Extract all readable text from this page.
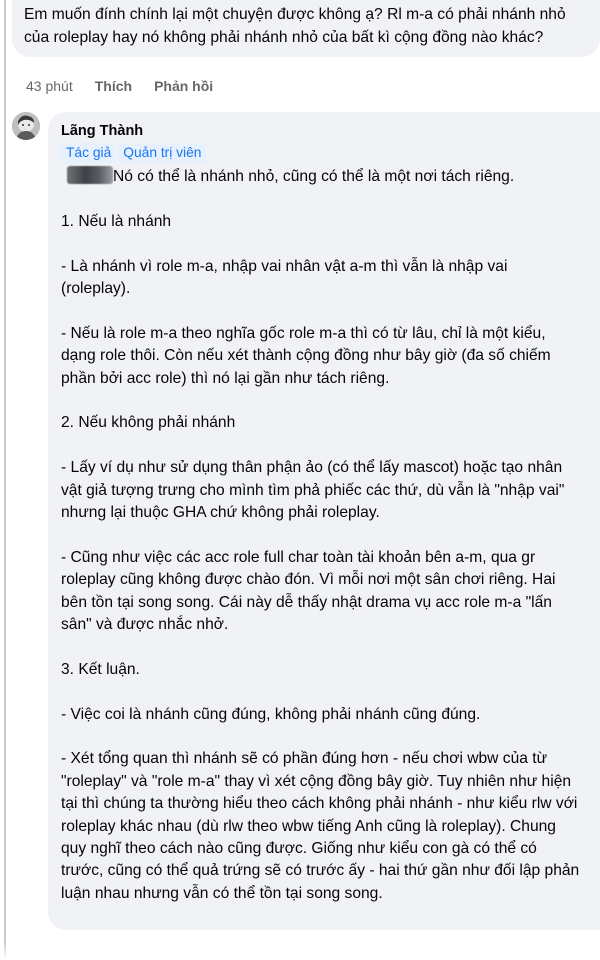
Em muốn đính chính lại một chuyện được không ạ? Rl m-a có phải nhánh nhỏ của roleplay hay nó không phải nhánh nhỏ của bất kì cộng đồng nào khác?
43 phút Thích Phản hồi
Lãng Thành
Tác giả Quản trị viên

Nó có thể là nhánh nhỏ, cũng có thể là một nơi tách riêng.

1. Nếu là nhánh

- Là nhánh vì role m-a, nhập vai nhân vật a-m thì vẫn là nhập vai (roleplay).

- Nếu là role m-a theo nghĩa gốc role m-a thì có từ lâu, chỉ là một kiểu, dạng role thôi. Còn nếu xét thành cộng đồng như bây giờ (đa số chiếm phần bởi acc role) thì nó lại gần như tách riêng.

2. Nếu không phải nhánh

- Lấy ví dụ như sử dụng thân phận ảo (có thể lấy mascot) hoặc tạo nhân vật giả tượng trưng cho mình tìm phả phiếc các thứ, dù vẫn là "nhập vai" nhưng lại thuộc GHA chứ không phải roleplay.

- Cũng như việc các acc role full char toàn tài khoản bên a-m, qua gr roleplay cũng không được chào đón. Vì mỗi nơi một sân chơi riêng. Hai bên tồn tại song song. Cái này dễ thấy nhật drama vụ acc role m-a "lấn sân" và được nhắc nhở.

3. Kết luận.

- Việc coi là nhánh cũng đúng, không phải nhánh cũng đúng.

- Xét tổng quan thì nhánh sẽ có phần đúng hơn - nếu chơi wbw của từ "roleplay" và "role m-a" thay vì xét cộng đồng bây giờ. Tuy nhiên như hiện tại thì chúng ta thường hiểu theo cách không phải nhánh - như kiểu rlw với roleplay khác nhau (dù rlw theo wbw tiếng Anh cũng là roleplay). Chung quy nghĩ theo cách nào cũng được. Giống như kiểu con gà có thể có trước, cũng có thể quả trứng sẽ có trước ấy - hai thứ gần như đối lập phản luận nhau nhưng vẫn có thể tồn tại song song.
